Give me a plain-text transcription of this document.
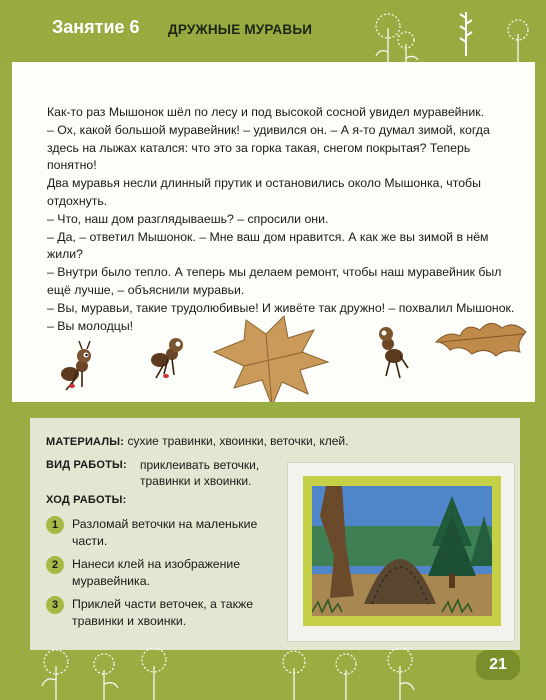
Занятие 6 ДРУЖНЫЕ МУРАВЬИ

Как-то раз Мышонок шёл по лесу и под высокой сосной увидел муравейник.

– Ох, какой большой муравейник! – удивился он. – А я-то думал зимой, когда здесь на лыжах катался: что это за горка такая, снегом покрытая? Теперь понятно!

Два муравья несли длинный прутик и остановились около Мышонка, чтобы отдохнуть.

– Что, наш дом разглядываешь? – спросили они.

– Да, – ответил Мышонок. – Мне ваш дом нравится. А как же вы зимой в нём жили?

– Внутри было тепло. А теперь мы делаем ремонт, чтобы наш муравейник был ещё лучше, – объяснили муравьи.

– Вы, муравьи, такие трудолюбивые! И живёте так дружно! – похвалил Мышонок. – Вы молодцы!

МАТЕРИАЛЫ: сухие травинки, хвоинки, веточки, клей.
ВИД РАБОТЫ: приклеивать веточки, травинки и хвоинки.
ХОД РАБОТЫ:
1	Разломай веточки на маленькие части.
2	Нанеси клей на изображение муравейника.
3	Приклей части веточек, а также травинки и хвоинки.
21
